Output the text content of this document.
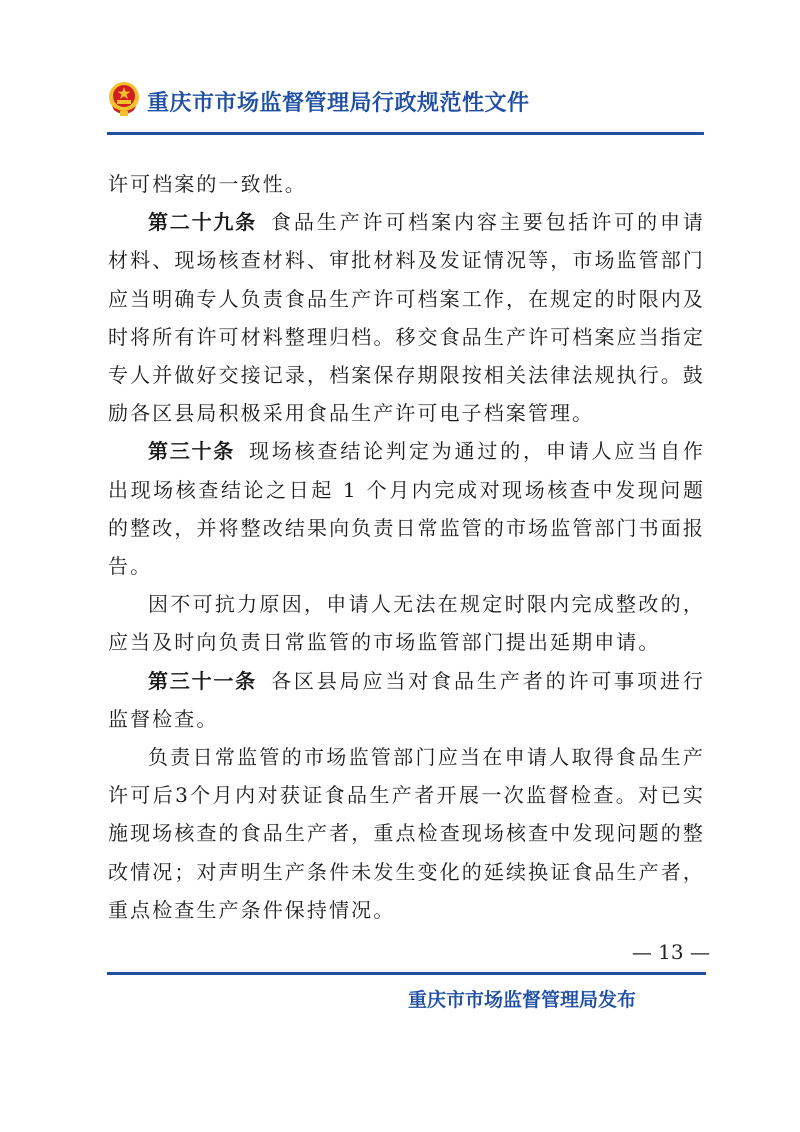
重庆市市场监督管理局行政规范性文件

许可档案的一致性。

第二十九条 食品生产许可档案内容主要包括许可的申请材料、现场核查材料、审批材料及发证情况等，市场监管部门应当明确专人负责食品生产许可档案工作，在规定的时限内及时将所有许可材料整理归档。移交食品生产许可档案应当指定专人并做好交接记录，档案保存期限按相关法律法规执行。鼓励各区县局积极采用食品生产许可电子档案管理。

第三十条 现场核查结论判定为通过的，申请人应当自作出现场核查结论之日起 1 个月内完成对现场核查中发现问题的整改，并将整改结果向负责日常监管的市场监管部门书面报告。

因不可抗力原因，申请人无法在规定时限内完成整改的，应当及时向负责日常监管的市场监管部门提出延期申请。

第三十一条 各区县局应当对食品生产者的许可事项进行监督检查。

负责日常监管的市场监管部门应当在申请人取得食品生产许可后3个月内对获证食品生产者开展一次监督检查。对已实施现场核查的食品生产者，重点检查现场核查中发现问题的整改情况；对声明生产条件未发生变化的延续换证食品生产者，重点检查生产条件保持情况。

— 13 —
重庆市市场监督管理局发布
